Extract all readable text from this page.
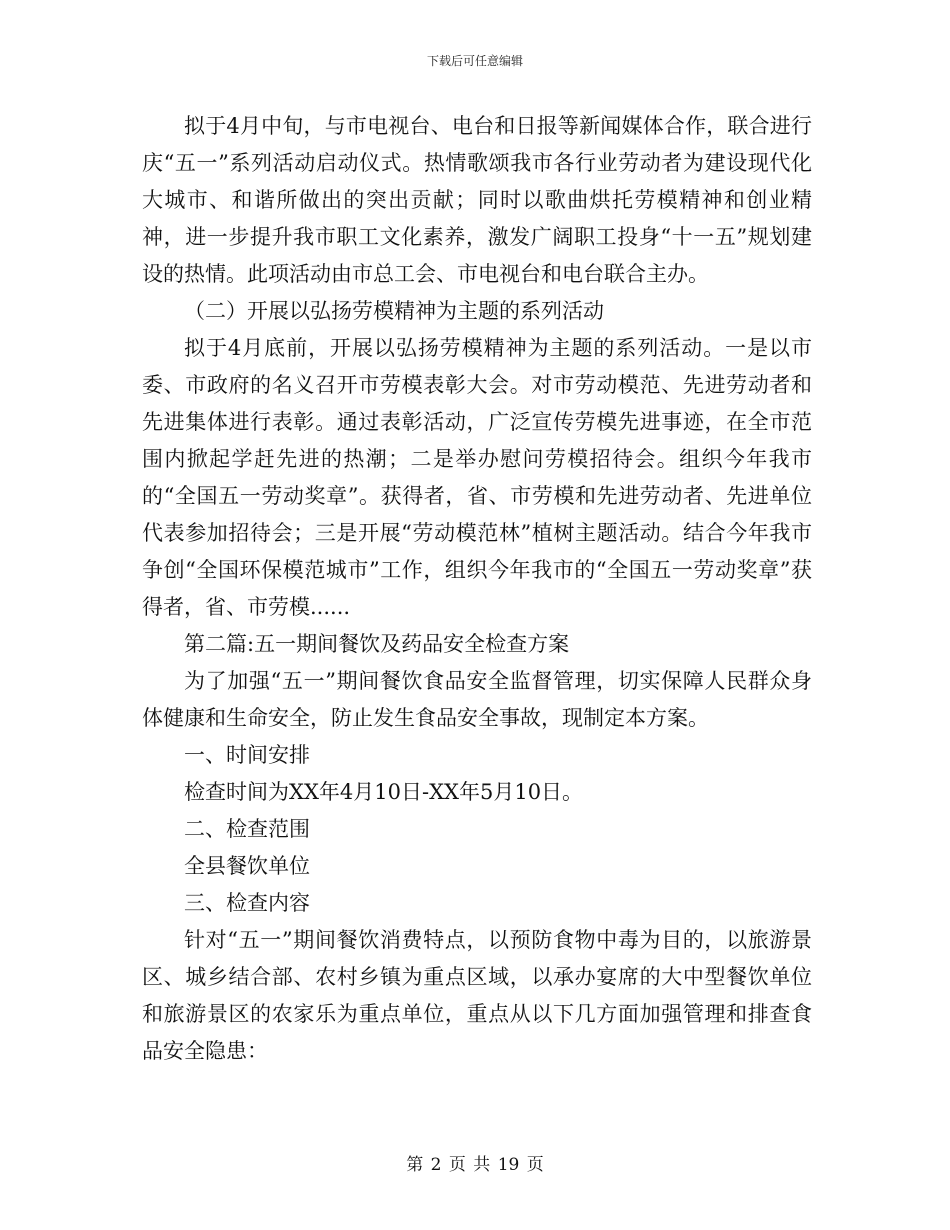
下载后可任意编辑

拟于4月中旬，与市电视台、电台和日报等新闻媒体合作，联合进行庆“五一”系列活动启动仪式。热情歌颂我市各行业劳动者为建设现代化大城市、和谐所做出的突出贡献；同时以歌曲烘托劳模精神和创业精神，进一步提升我市职工文化素养，激发广阔职工投身“十一五”规划建设的热情。此项活动由市总工会、市电视台和电台联合主办。

（二）开展以弘扬劳模精神为主题的系列活动

拟于4月底前，开展以弘扬劳模精神为主题的系列活动。一是以市委、市政府的名义召开市劳模表彰大会。对市劳动模范、先进劳动者和先进集体进行表彰。通过表彰活动，广泛宣传劳模先进事迹，在全市范围内掀起学赶先进的热潮；二是举办慰问劳模招待会。组织今年我市的“全国五一劳动奖章”。获得者，省、市劳模和先进劳动者、先进单位代表参加招待会；三是开展“劳动模范林”植树主题活动。结合今年我市争创“全国环保模范城市”工作，组织今年我市的“全国五一劳动奖章”获得者，省、市劳模......

第二篇:五一期间餐饮及药品安全检查方案

为了加强“五一”期间餐饮食品安全监督管理，切实保障人民群众身体健康和生命安全，防止发生食品安全事故，现制定本方案。

一、时间安排

检查时间为XX年4月10日-XX年5月10日。

二、检查范围

全县餐饮单位

三、检查内容

针对“五一”期间餐饮消费特点，以预防食物中毒为目的，以旅游景区、城乡结合部、农村乡镇为重点区域，以承办宴席的大中型餐饮单位和旅游景区的农家乐为重点单位，重点从以下几方面加强管理和排查食品安全隐患：

第 2 页 共 19 页
